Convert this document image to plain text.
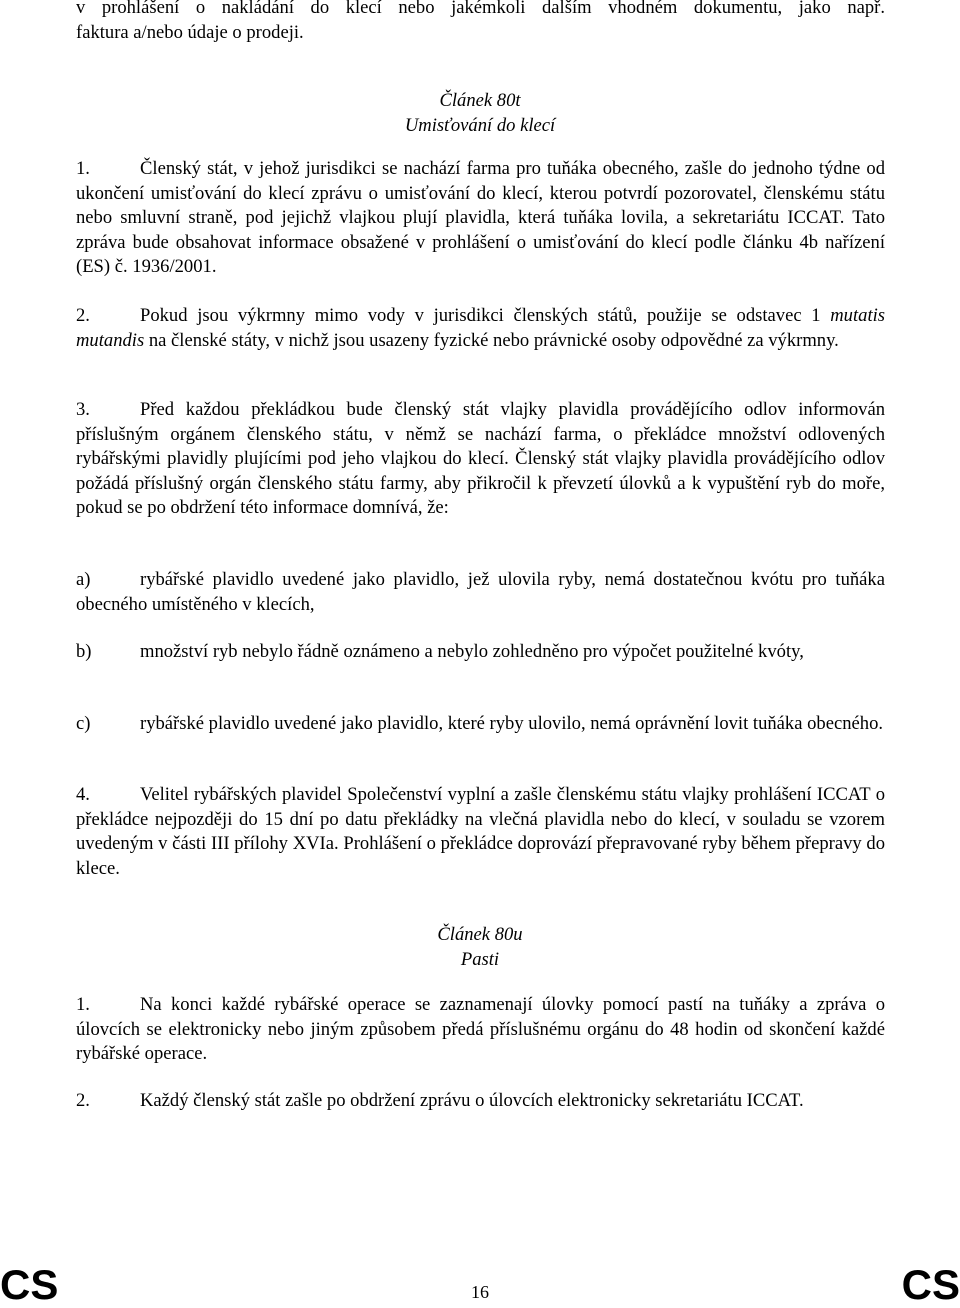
v prohlášení o nakládání do klecí nebo jakémkoli dalším vhodném dokumentu, jako např.

faktura a/nebo údaje o prodeji.

Článek 80t
Umisťování do klecí

1.	Členský stát, v jehož jurisdikci se nachází farma pro tuňáka obecného, zašle do jednoho týdne od ukončení umisťování do klecí zprávu o umisťování do klecí, kterou potvrdí pozorovatel, členskému státu nebo smluvní straně, pod jejichž vlajkou plují plavidla, která tuňáka lovila, a sekretariátu ICCAT. Tato zpráva bude obsahovat informace obsažené v prohlášení o umisťování do klecí podle článku 4b nařízení (ES) č. 1936/2001.

2.	Pokud jsou výkrmny mimo vody v jurisdikci členských států, použije se odstavec 1 mutatis mutandis na členské státy, v nichž jsou usazeny fyzické nebo právnické osoby odpovědné za výkrmny.

3.	Před každou překládkou bude členský stát vlajky plavidla provádějícího odlov informován příslušným orgánem členského státu, v němž se nachází farma, o překládce množství odlovených rybářskými plavidly plujícími pod jeho vlajkou do klecí. Členský stát vlajky plavidla provádějícího odlov požádá příslušný orgán členského státu farmy, aby přikročil k převzetí úlovků a k vypuštění ryb do moře, pokud se po obdržení této informace domnívá, že:

a)	rybářské plavidlo uvedené jako plavidlo, jež ulovila ryby, nemá dostatečnou kvótu pro tuňáka obecného umístěného v klecích,

b)	množství ryb nebylo řádně oznámeno a nebylo zohledněno pro výpočet použitelné kvóty,

c)	rybářské plavidlo uvedené jako plavidlo, které ryby ulovilo, nemá oprávnění lovit tuňáka obecného.

4.	Velitel rybářských plavidel Společenství vyplní a zašle členskému státu vlajky prohlášení ICCAT o překládce nejpozději do 15 dní po datu překládky na vlečná plavidla nebo do klecí, v souladu se vzorem uvedeným v části III přílohy XVIa. Prohlášení o překládce doprovází přepravované ryby během přepravy do klece.

Článek 80u
Pasti

1.	Na konci každé rybářské operace se zaznamenají úlovky pomocí pastí na tuňáky a zpráva o úlovcích se elektronicky nebo jiným způsobem předá příslušnému orgánu do 48 hodin od skončení každé rybářské operace.

2.	Každý členský stát zašle po obdržení zprávu o úlovcích elektronicky sekretariátu ICCAT.

CS	16	CS
